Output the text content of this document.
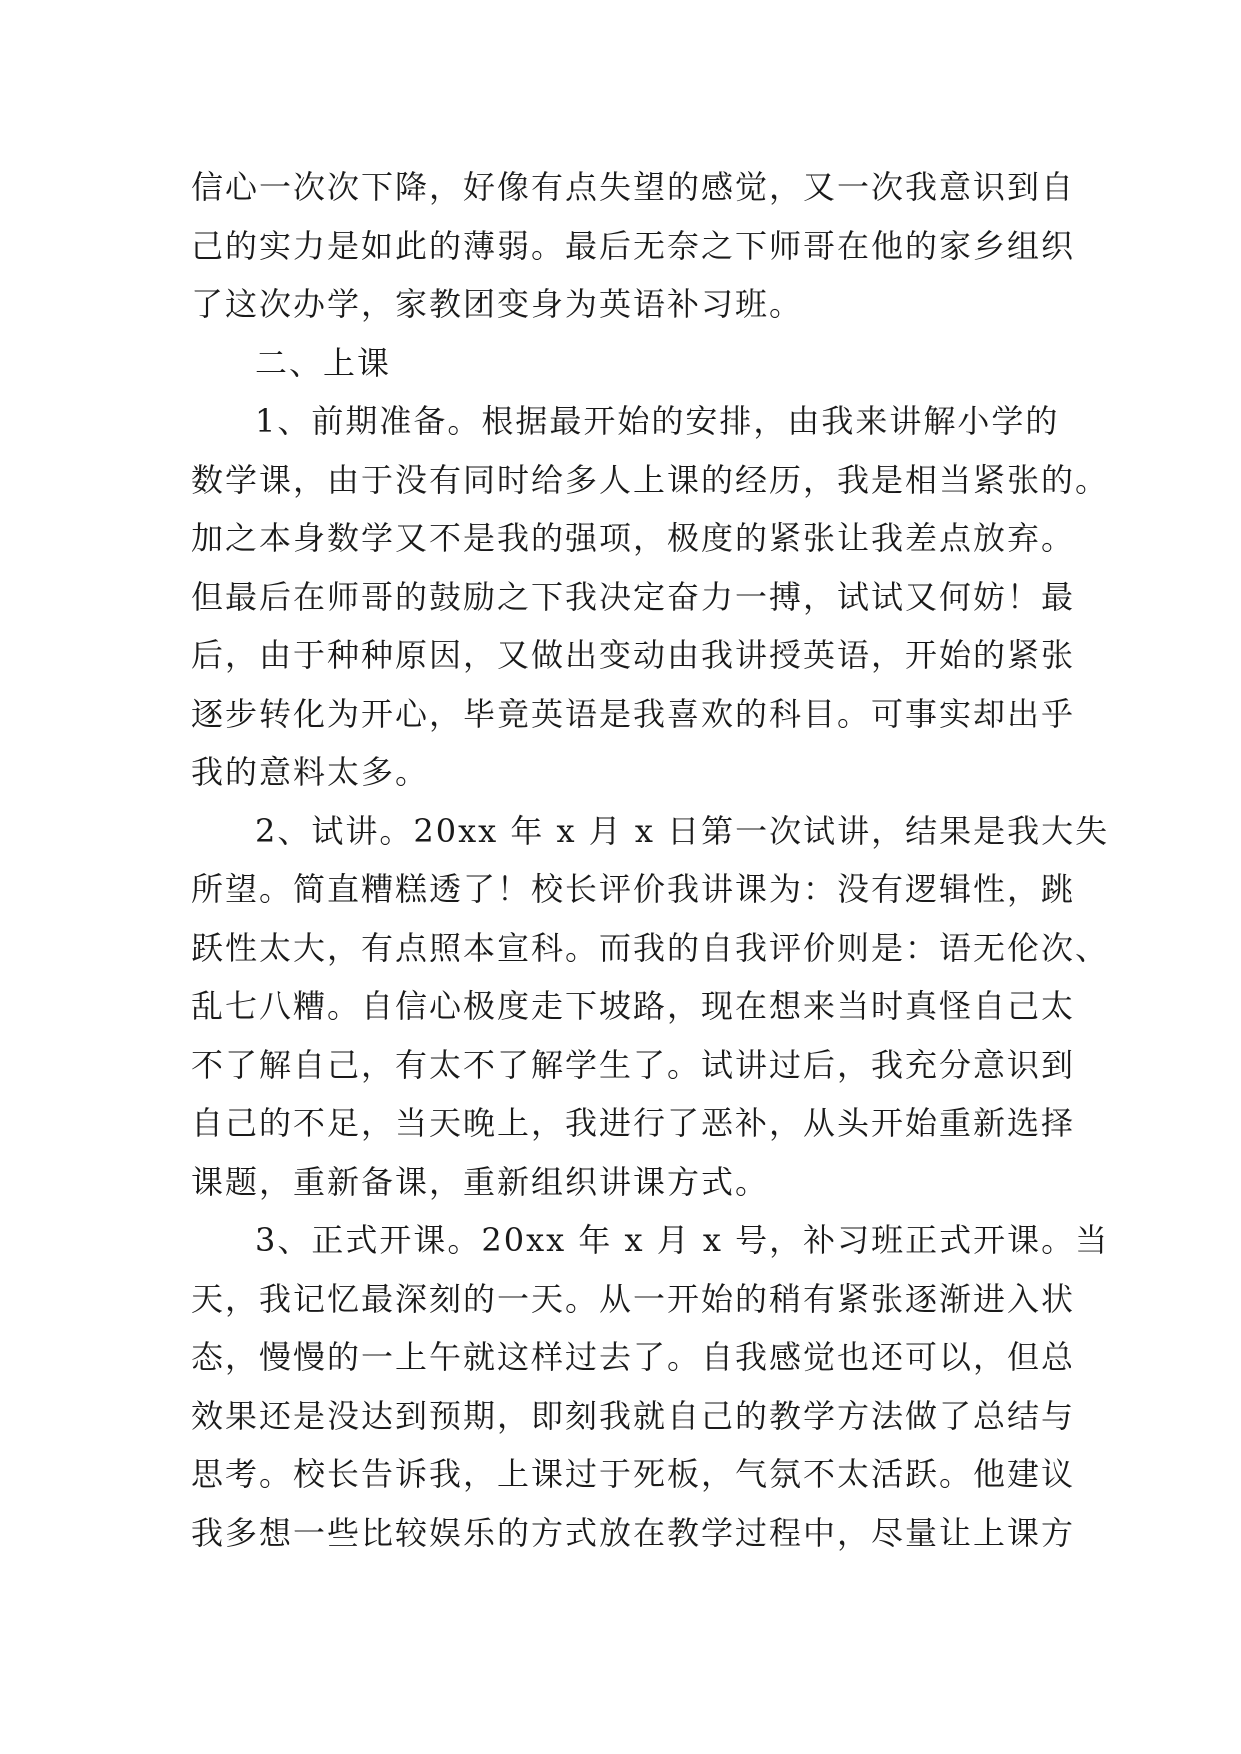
信心一次次下降，好像有点失望的感觉，又一次我意识到自
己的实力是如此的薄弱。最后无奈之下师哥在他的家乡组织
了这次办学，家教团变身为英语补习班。
二、上课
1、前期准备。根据最开始的安排，由我来讲解小学的
数学课，由于没有同时给多人上课的经历，我是相当紧张的。
加之本身数学又不是我的强项，极度的紧张让我差点放弃。
但最后在师哥的鼓励之下我决定奋力一搏，试试又何妨！最
后，由于种种原因，又做出变动由我讲授英语，开始的紧张
逐步转化为开心，毕竟英语是我喜欢的科目。可事实却出乎
我的意料太多。
2、试讲。20xx 年 x 月 x 日第一次试讲，结果是我大失
所望。简直糟糕透了！校长评价我讲课为：没有逻辑性，跳
跃性太大，有点照本宣科。而我的自我评价则是：语无伦次、
乱七八糟。自信心极度走下坡路，现在想来当时真怪自己太
不了解自己，有太不了解学生了。试讲过后，我充分意识到
自己的不足，当天晚上，我进行了恶补，从头开始重新选择
课题，重新备课，重新组织讲课方式。
3、正式开课。20xx 年 x 月 x 号，补习班正式开课。当
天，我记忆最深刻的一天。从一开始的稍有紧张逐渐进入状
态，慢慢的一上午就这样过去了。自我感觉也还可以，但总
效果还是没达到预期，即刻我就自己的教学方法做了总结与
思考。校长告诉我，上课过于死板，气氛不太活跃。他建议
我多想一些比较娱乐的方式放在教学过程中，尽量让上课方
